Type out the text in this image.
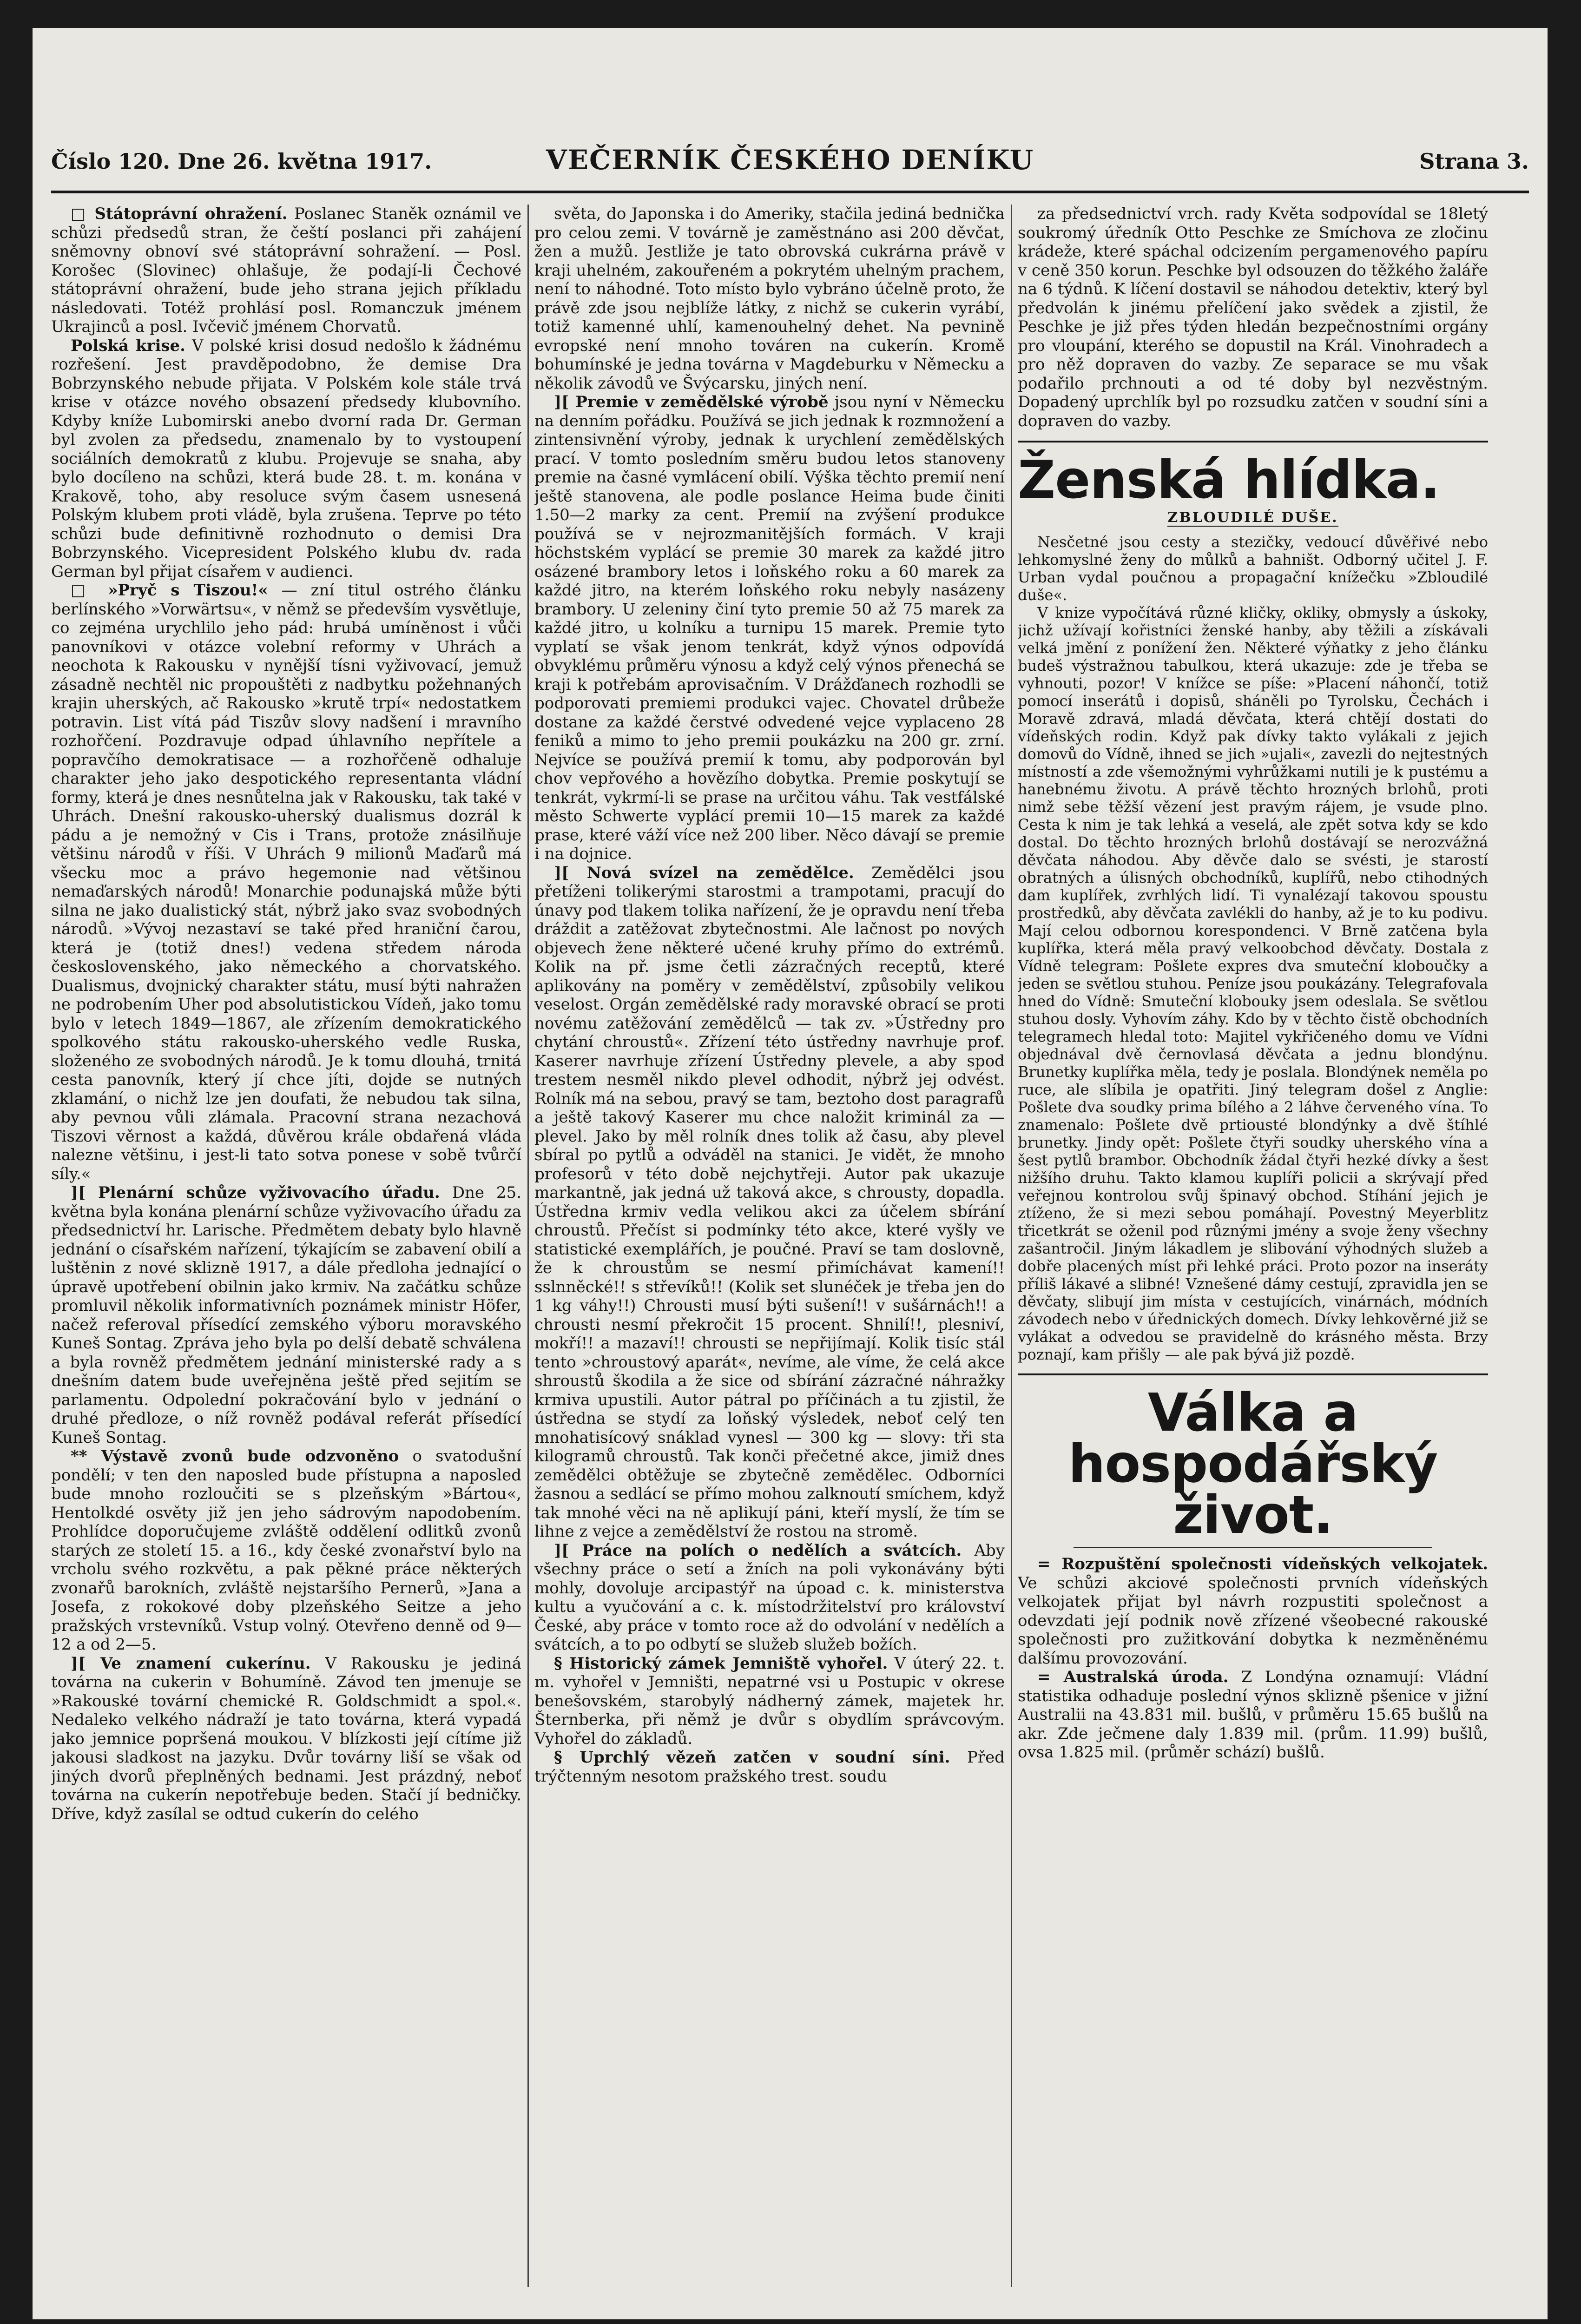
Číslo 120. Dne 26. května 1917.	VEČERNÍK ČESKÉHO DENÍKU	Strana 3.

□ Státoprávní ohražení. Poslanec Staněk oznámil ve schůzi předsedů stran, že čeští poslanci při zahájení sněmovny obnoví své státoprávní sohražení. — Posl. Korošec (Slovinec) ohlašuje, že podají-li Čechové státoprávní ohražení, bude jeho strana jejich příkladu následovati. Totéž prohlásí posl. Romanczuk jménem Ukrajinců a posl. Ivčevič jménem Chorvatů.

Polská krise. V polské krisi dosud nedošlo k žádnému rozřešení. Jest pravděpodobno, že demise Dra Bobrzynského nebude přijata. V Polském kole stále trvá krise v otázce nového obsazení předsedy klubovního. Kdyby kníže Lubomirski anebo dvorní rada Dr. German byl zvolen za předsedu, znamenalo by to vystoupení sociálních demokratů z klubu. Projevuje se snaha, aby bylo docíleno na schůzi, která bude 28. t. m. konána v Krakově, toho, aby resoluce svým časem usnesená Polským klubem proti vládě, byla zrušena. Teprve po této schůzi bude definitivně rozhodnuto o demisi Dra Bobrzynského. Vicepresident Polského klubu dv. rada German byl přijat císařem v audienci.

□ »Pryč s Tiszou!« — zní titul ostrého článku berlínského »Vorwärtsu«, v němž se především vysvětluje, co zejména urychlilo jeho pád: hrubá umíněnost i vůči panovníkovi v otázce volební reformy v Uhrách a neochota k Rakousku v nynější tísni vyživovací, jemuž zásadně nechtěl nic propouštěti z nadbytku požehnaných krajin uherských, ač Rakousko »krutě trpí« nedostatkem potravin. List vítá pád Tiszův slovy nadšení i mravního rozhořčení. Pozdravuje odpad úhlavního nepřítele a popravčího demokratisace — a rozhořčeně odhaluje charakter jeho jako despotického representanta vládní formy, která je dnes nesnůtelna jak v Rakousku, tak také v Uhrách. Dnešní rakousko-uherský dualismus dozrál k pádu a je nemožný v Cis i Trans, protože znásilňuje většinu národů v říši. V Uhrách 9 milionů Maďarů má všecku moc a právo hegemonie nad většinou nemaďarských národů! Monarchie podunajská může býti silna ne jako dualistický stát, nýbrž jako svaz svobodných národů. »Vývoj nezastaví se také před hraniční čarou, která je (totiž dnes!) vedena středem národa československého, jako německého a chorvatského. Dualismus, dvojnický charakter státu, musí býti nahražen ne podrobením Uher pod absolutistickou Vídeň, jako tomu bylo v letech 1849—1867, ale zřízením demokratického spolkového státu rakousko-uherského vedle Ruska, složeného ze svobodných národů. Je k tomu dlouhá, trnitá cesta panovník, který jí chce jíti, dojde se nutných zklamání, o nichž lze jen doufati, že nebudou tak silna, aby pevnou vůli zlámala. Pracovní strana nezachová Tiszovi věrnost a každá, důvěrou krále obdařená vláda nalezne většinu, i jest-li tato sotva ponese v sobě tvůrčí síly.«

][ Plenární schůze vyživovacího úřadu. Dne 25. května byla konána plenární schůze vyživovacího úřadu za předsednictví hr. Larische. Předmětem debaty bylo hlavně jednání o císařském nařízení, týkajícím se zabavení obilí a luštěnin z nové sklizně 1917, a dále předloha jednající o úpravě upotřebení obilnin jako krmiv. Na začátku schůze promluvil několik informativních poznámek ministr Höfer, načež referoval přísedící zemského výboru moravského Kuneš Sontag. Zpráva jeho byla po delší debatě schválena a byla rovněž předmětem jednání ministerské rady a s dnešním datem bude uveřejněna ještě před sejitím se parlamentu. Odpolední pokračování bylo v jednání o druhé předloze, o níž rovněž podával referát přísedící Kuneš Sontag.

** Výstavě zvonů bude odzvoněno o svatodušní pondělí; v ten den naposled bude přístupna a naposled bude mnoho rozloučiti se s plzeňským »Bártou«, Hentolkdé osvěty již jen jeho sádrovým napodobením. Prohlídce doporučujeme zvláště oddělení odlitků zvonů starých ze století 15. a 16., kdy české zvonařství bylo na vrcholu svého rozkvětu, a pak pěkné práce některých zvonařů barokních, zvláště nejstaršího Pernerů, »Jana a Josefa, z rokokové doby plzeňského Seitze a jeho pražských vrstevníků. Vstup volný. Otevřeno denně od 9—12 a od 2—5.

][ Ve znamení cukerínu. V Rakousku je jediná továrna na cukerin v Bohumíně. Závod ten jmenuje se »Rakouské tovární chemické R. Goldschmidt a spol.«. Nedaleko velkého nádraží je tato továrna, která vypadá jako jemnice popršená moukou. V blízkosti její cítíme již jakousi sladkost na jazyku. Dvůr továrny liší se však od jiných dvorů přeplněných bednami. Jest prázdný, neboť továrna na cukerín nepotřebuje beden. Stačí jí bedničky. Dříve, když zasílal se odtud cukerín do celého

světa, do Japonska i do Ameriky, stačila jediná bednička pro celou zemi. V továrně je zaměstnáno asi 200 děvčat, žen a mužů. Jestliže je tato obrovská cukrárna právě v kraji uhelném, zakouřeném a pokrytém uhelným prachem, není to náhodné. Toto místo bylo vybráno účelně proto, že právě zde jsou nejblíže látky, z nichž se cukerin vyrábí, totiž kamenné uhlí, kamenouhelný dehet. Na pevnině evropské není mnoho továren na cukerín. Kromě bohumínské je jedna továrna v Magdeburku v Německu a několik závodů ve Švýcarsku, jiných není.

][ Premie v zemědělské výrobě jsou nyní v Německu na denním pořádku. Používá se jich jednak k rozmnožení a zintensivnění výroby, jednak k urychlení zemědělských prací. V tomto posledním směru budou letos stanoveny premie na časné vymlácení obilí. Výška těchto premií není ještě stanovena, ale podle poslance Heima bude činiti 1.50—2 marky za cent. Premií na zvýšení produkce používá se v nejrozmanitějších formách. V kraji höchstském vyplácí se premie 30 marek za každé jitro osázené brambory letos i loňského roku a 60 marek za každé jitro, na kterém loňského roku nebyly nasázeny brambory. U zeleniny činí tyto premie 50 až 75 marek za každé jitro, u kolníku a turnipu 15 marek. Premie tyto vyplatí se však jenom tenkrát, když výnos odpovídá obvyklému průměru výnosu a když celý výnos přenechá se kraji k potřebám aprovisačním. V Drážďanech rozhodli se podporovati premiemi produkci vajec. Chovatel drůbeže dostane za každé čerstvé odvedené vejce vyplaceno 28 feniků a mimo to jeho premii poukázku na 200 gr. zrní. Nejvíce se používá premií k tomu, aby podporován byl chov vepřového a hovězího dobytka. Premie poskytují se tenkrát, vykrmí-li se prase na určitou váhu. Tak vestfálské město Schwerte vyplácí premii 10—15 marek za každé prase, které váží více než 200 liber. Něco dávají se premie i na dojnice.

][ Nová svízel na zemědělce. Zemědělci jsou přetíženi tolikerými starostmi a trampotami, pracují do únavy pod tlakem tolika nařízení, že je opravdu není třeba dráždit a zatěžovat zbytečnostmi. Ale lačnost po nových objevech žene některé učené kruhy přímo do extrémů. Kolik na př. jsme četli zázračných receptů, které aplikovány na poměry v zemědělství, způsobily velikou veselost. Orgán zemědělské rady moravské obrací se proti novému zatěžování zemědělců — tak zv. »Ústředny pro chytání chroustů«. Zřízení této ústředny navrhuje prof. Kaserer navrhuje zřízení Ústředny plevele, a aby spod trestem nesměl nikdo plevel odhodit, nýbrž jej odvést. Rolník má na sebou, pravý se tam, beztoho dost paragrafů a ještě takový Kaserer mu chce naložit kriminál za — plevel. Jako by měl rolník dnes tolik až času, aby plevel sbíral po pytlů a odváděl na stanici. Je vidět, že mnoho profesorů v této době nejchytřeji. Autor pak ukazuje markantně, jak jedná už taková akce, s chrousty, dopadla. Ústředna krmiv vedla velikou akci za účelem sbírání chroustů. Přečíst si podmínky této akce, které vyšly ve statistické exemplářích, je poučné. Praví se tam doslovně, že k chroustům se nesmí přimíchávat kamení!! sslnněcké!! s střevíků!! (Kolik set slunéček je třeba jen do 1 kg váhy!!) Chrousti musí býti sušení!! v sušárnách!! a chrousti nesmí překročit 15 procent. Shnilí!!, plesniví, mokří!! a mazaví!! chrousti se nepřijímají. Kolik tisíc stál tento »chroustový aparát«, nevíme, ale víme, že celá akce shroustů škodila a že sice od sbírání zázračné náhražky krmiva upustili. Autor pátral po příčinách a tu zjistil, že ústředna se stydí za loňský výsledek, neboť celý ten mnohatisícový snáklad vynesl — 300 kg — slovy: tři sta kilogramů chroustů. Tak konči přečetné akce, jimiž dnes zemědělci obtěžuje se zbytečně zemědělec. Odborníci žasnou a sedlácí se přímo mohou zalknoutí smíchem, když tak mnohé věci na ně aplikují páni, kteří myslí, že tím se lihne z vejce a zemědělství že rostou na stromě.

][ Práce na polích o nedělích a svátcích. Aby všechny práce o setí a žních na poli vykonávány býti mohly, dovoluje arcipastýř na úpoad c. k. ministerstva kultu a vyučování a c. k. místodržitelství pro království České, aby práce v tomto roce až do odvolání v nedělích a svátcích, a to po odbytí se služeb služeb božích.

§ Historický zámek Jemniště vyhořel. V úterý 22. t. m. vyhořel v Jemništi, nepatrné vsi u Postupic v okrese benešovském, starobylý nádherný zámek, majetek hr. Šternberka, při němž je dvůr s obydlím správcovým. Vyhořel do základů.

§ Uprchlý vězeň zatčen v soudní síni. Před trýčtenným nesotom pražského trest. soudu

za předsednictví vrch. rady Květa sodpovídal se 18letý soukromý úředník Otto Peschke ze Smíchova ze zločinu krádeže, které spáchal odcizením pergamenového papíru v ceně 350 korun. Peschke byl odsouzen do těžkého žaláře na 6 týdnů. K líčení dostavil se náhodou detektiv, který byl předvolán k jinému přelíčení jako svědek a zjistil, že Peschke je již přes týden hledán bezpečnostními orgány pro vloupání, kterého se dopustil na Král. Vinohradech a pro něž dopraven do vazby. Ze separace se mu však podařilo prchnouti a od té doby byl nezvěstným. Dopadený uprchlík byl po rozsudku zatčen v soudní síni a dopraven do vazby.

Ženská hlídka.
ZBLOUDILÉ DUŠE.

Nesčetné jsou cesty a stezičky, vedoucí důvěřivé nebo lehkomyslné ženy do můlků a bahništ. Odborný učitel J. F. Urban vydal poučnou a propagační knížečku »Zbloudilé duše«.

V knize vypočítává různé kličky, okliky, obmysly a úskoky, jichž užívají kořistníci ženské hanby, aby těžili a získávali velká jmění z ponížení žen. Některé výňatky z jeho článku budeš výstražnou tabulkou, která ukazuje: zde je třeba se vyhnouti, pozor! V knížce se píše: »Placení náhončí, totiž pomocí inserátů i dopisů, sháněli po Tyrolsku, Čechách i Moravě zdravá, mladá děvčata, která chtějí dostati do vídeňských rodin. Když pak dívky takto vylákali z jejich domovů do Vídně, ihned se jich »ujali«, zavezli do nejtestných místností a zde všemožnými vyhrůžkami nutili je k pustému a hanebnému životu. A právě těchto hrozných brlohů, proti nimž sebe těžší vězení jest pravým rájem, je vsude plno. Cesta k nim je tak lehká a veselá, ale zpět sotva kdy se kdo dostal. Do těchto hrozných brlohů dostávají se nerozvážná děvčata náhodou. Aby děvče dalo se svésti, je starostí obratných a úlisných obchodníků, kuplířů, nebo ctihodných dam kuplířek, zvrhlých lidí. Ti vynalézají takovou spoustu prostředků, aby děvčata zavlékli do hanby, až je to ku podivu. Mají celou odbornou korespondenci. V Brně zatčena byla kuplířka, která měla pravý velkoobchod děvčaty. Dostala z Vídně telegram: Pošlete expres dva smuteční kloboučky a jeden se světlou stuhou. Peníze jsou poukázány. Telegrafovala hned do Vídně: Smuteční klobouky jsem odeslala. Se světlou stuhou dosly. Vyhovím záhy. Kdo by v těchto čistě obchodních telegramech hledal toto: Majitel vykřičeného domu ve Vídni objednával dvě černovlasá děvčata a jednu blondýnu. Brunetky kuplířka měla, tedy je poslala. Blondýnek neměla po ruce, ale slíbila je opatřiti. Jiný telegram došel z Anglie: Pošlete dva soudky prima bílého a 2 láhve červeného vína. To znamenalo: Pošlete dvě prtiousté blondýnky a dvě štíhlé brunetky. Jindy opět: Pošlete čtyři soudky uherského vína a šest pytlů brambor. Obchodník žádal čtyři hezké dívky a šest nižšího druhu. Takto klamou kuplíři policii a skrývají před veřejnou kontrolou svůj špinavý obchod. Stíhání jejich je ztíženo, že si mezi sebou pomáhají. Povestný Meyerblitz třicetkrát se oženil pod různými jmény a svoje ženy všechny zašantročil. Jiným lákadlem je slibování výhodných služeb a dobře placených míst při lehké práci. Proto pozor na inseráty příliš lákavé a slibné! Vznešené dámy cestují, zpravidla jen se děvčaty, slibují jim místa v cestujících, vinárnách, módních závodech nebo v úřednických domech. Dívky lehkověrné již se vylákat a odvedou se pravidelně do krásného města. Brzy poznají, kam přišly — ale pak bývá již pozdě.

Válka a hospodářský život.

= Rozpuštění společnosti vídeňských velkojatek. Ve schůzi akciové společnosti prvních vídeňských velkojatek přijat byl návrh rozpustiti společnost a odevzdati její podnik nově zřízené všeobecné rakouské společnosti pro zužitkování dobytka k nezměněnému dalšímu provozování.

= Australská úroda. Z Londýna oznamují: Vládní statistika odhaduje poslední výnos sklizně pšenice v jižní Australii na 43.831 mil. bušlů, v průměru 15.65 bušlů na akr. Zde ječmene daly 1.839 mil. (prům. 11.99) bušlů, ovsa 1.825 mil. (průměr schází) bušlů.
